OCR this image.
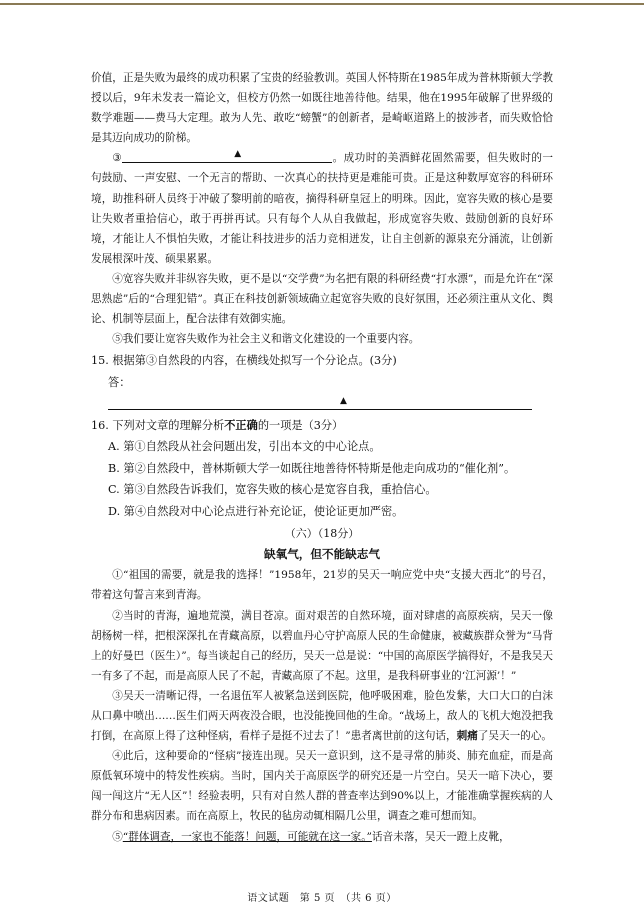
价值，正是失败为最终的成功积累了宝贵的经验教训。英国人怀特斯在1985年成为普林斯顿大学教授以后，9年未发表一篇论文，但校方仍然一如既往地善待他。结果，他在1995年破解了世界级的数学难题——费马大定理。敢为人先、敢吃“螃蟹”的创新者，是崎岖道路上的披涉者，而失败恰恰是其迈向成功的阶梯。

③	▲	。成功时的美酒鲜花固然需要，但失败时的一句鼓励、一声安慰、一个无言的帮助、一次真心的扶持更是难能可贵。正是这种数厚宽容的科研环境，助推科研人员终于冲破了黎明前的暗夜，摘得科研皇冠上的明珠。因此，宽容失败的核心是要让失败者重拾信心，敢于再拼再试。只有每个人从自我做起，形成宽容失败、鼓励创新的良好环境，才能让人不惧怕失败，才能让科技进步的活力竞相迸发，让自主创新的源泉充分涌流，让创新发展根深叶茂、硕果累累。

④宽容失败并非纵容失败，更不是以“交学费”为名把有限的科研经费“打水漂”，而是允许在“深思熟虑”后的“合理犯错”。真正在科技创新领域确立起宽容失败的良好氛围，还必须注重从文化、舆论、机制等层面上，配合法律有效御实施。

⑤我们要让宽容失败作为社会主义和谐文化建设的一个重要内容。

15. 根据第③自然段的内容，在横线处拟写一个分论点。(3分)

答：
▲

16. 下列对文章的理解分析不正确的一项是（3分）

A. 第①自然段从社会问题出发，引出本文的中心论点。

B. 第②自然段中，普林斯顿大学一如既往地善待怀特斯是他走向成功的“催化剂”。

C. 第③自然段告诉我们，宽容失败的核心是宽容自我，重拾信心。

D. 第④自然段对中心论点进行补充论证，使论证更加严密。

（六）（18分）

缺氧气，但不能缺志气

①“祖国的需要，就是我的选择！”1958年，21岁的吴天一响应党中央“支援大西北”的号召，带着这句誓言来到青海。

②当时的青海，遍地荒漠，满目苍凉。面对艰苦的自然环境，面对肆虐的高原疾病，吴天一像胡杨树一样，把根深深扎在青藏高原，以碧血丹心守护高原人民的生命健康，被藏族群众誉为“马背上的好曼巴（医生）”。每当谈起自己的经历，吴天一总是说：“中国的高原医学搞得好，不是我吴天一有多了不起，而是高原人民了不起，青藏高原了不起。这里，是我科研事业的‘江河源’！”

③吴天一清晰记得，一名退伍军人被紧急送到医院，他呼吸困难，脸色发紫，大口大口的白沫从口鼻中喷出……医生们两天两夜没合眼，也没能挽回他的生命。“战场上，敌人的飞机大炮没把我打倒，在高原上得了这种怪病，看样子是挺不过去了！”患者离世前的这句话，刺痛了吴天一的心。

④此后，这种要命的“怪病”接连出现。吴天一意识到，这不是寻常的肺炎、肺充血症，而是高原低氧环境中的特发性疾病。当时，国内关于高原医学的研究还是一片空白。吴天一暗下决心，要闯一闯这片“无人区”！经验表明，只有对自然人群的普查率达到90%以上，才能准确掌握疾病的人群分布和患病因素。而在高原上，牧民的毡房动辄相隔几公里，调查之难可想而知。

⑤“群体调查，一家也不能落！问题，可能就在这一家。”话音未落，吴天一蹬上皮靴，

语文试题　第 5 页　（共 6 页）
